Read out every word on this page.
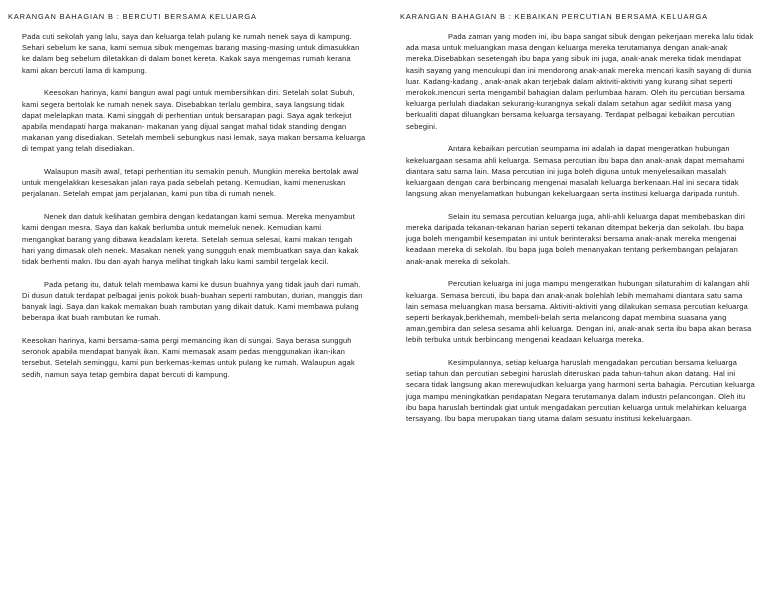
KARANGAN BAHAGIAN B : BERCUTI BERSAMA KELUARGA

Pada cuti sekolah yang lalu, saya dan keluarga telah pulang ke rumah nenek saya di kampung. Sehari sebelum ke sana, kami semua sibuk mengemas barang masing-masing untuk dimasukkan ke dalam beg sebelum diletakkan di dalam bonet kereta. Kakak saya mengemas rumah kerana kami akan bercuti lama di kampung.

Keesokan harinya, kami bangun awal pagi untuk membersihkan diri. Setelah solat Subuh, kami segera bertolak ke rumah nenek saya. Disebabkan terlalu gembira, saya langsung tidak dapat melelapkan mata. Kami singgah di perhentian untuk bersarapan pagi. Saya agak terkejut apabila mendapati harga makanan- makanan yang dijual sangat mahal tidak standing dengan makanan yang disediakan. Setelah membeli sebungkus nasi lemak, saya makan bersama keluarga di tempat yang telah disediakan.

Walaupun masih awal, tetapi perhentian itu semakin penuh. Mungkin mereka bertolak awal untuk mengelakkan kesesakan jalan raya pada sebelah petang. Kemudian, kami meneruskan perjalanan. Setelah empat jam perjalanan, kami pun tiba di rumah nenek.

Nenek dan datuk kelihatan gembira dengan kedatangan kami semua. Mereka menyambut kami dengan mesra. Saya dan kakak berlumba untuk memeluk nenek. Kemudian kami mengangkat barang yang dibawa keadalam kereta. Setelah semua selesai, kami makan tengah hari yang dimasak oleh nenek. Masakan nenek yang sungguh enak membuatkan saya dan kakak tidak berhenti makn. Ibu dan ayah hanya melihat tingkah laku kami sambil tergelak kecil.

Pada petang itu, datuk telah membawa kami ke dusun buahnya yang tidak jauh dari rumah. Di dusun datuk terdapat pelbagai jenis pokok buah-buahan seperti rambutan, durian, manggis dan banyak lagi. Saya dan kakak memakan buah rambutan yang dikait datuk. Kami membawa pulang beberapa ikat buah rambutan ke rumah.

Keesokan harinya, kami bersama-sama pergi memancing ikan di sungai. Saya berasa sungguh seronok apabila mendapat banyak ikan. Kami memasak asam pedas menggunakan ikan-ikan tersebut. Setelah seminggu, kami pun berkemas-kemas untuk pulang ke rumah. Walaupun agak sedih, namun saya tetap gembira dapat bercuti di kampung.

KARANGAN BAHAGIAN B : KEBAIKAN PERCUTIAN BERSAMA KELUARGA

Pada zaman yang moden ini, ibu bapa sangat sibuk dengan pekerjaan mereka lalu tidak ada masa untuk meluangkan masa dengan keluarga mereka terutamanya dengan anak-anak mereka.Disebabkan sesetengah ibu bapa yang sibuk ini juga, anak-anak mereka tidak mendapat kasih sayang yang mencukupi dan ini mendorong anak-anak mereka mencari kasih sayang di dunia luar. Kadang-kadang , anak-anak akan terjebak dalam aktiviti-aktiviti yang kurang sihat seperti merokok.mencuri serta mengambil bahagian dalam perlumbaa haram. Oleh itu percutian bersama keluarga perlulah diadakan sekurang-kurangnya sekali dalam setahun agar sedikit masa yang berkualiti dapat diluangkan bersama keluarga tersayang. Terdapat pelbagai kebaikan percutian sebegini.

Antara kebaikan percutian seumpama ini adalah ia dapat mengeratkan hubungan kekeluargaan sesama ahli keluarga. Semasa percutian ibu bapa dan anak-anak dapat memahami diantara satu sama lain. Masa percutian ini juga boleh diguna untuk menyelesaikan masalah keluargaan dengan cara berbincang mengenai masalah keluarga berkenaan.Hal ini secara tidak langsung akan menyelamatkan hubungan kekeluargaan serta institusi keluarga daripada runtuh.

Selain itu semasa percutian keluarga juga, ahli-ahli keluarga dapat membebaskan diri mereka daripada tekanan-tekanan harian seperti tekanan ditempat bekerja dan sekolah. Ibu bapa juga boleh mengambil kesempatan ini untuk berinteraksi bersama anak-anak mereka mengenai keadaan mereka di sekolah. Ibu bapa juga boleh menanyakan tentang perkembangan pelajaran anak-anak mereka di sekolah.

Percutian keluarga ini juga mampu mengeratkan hubungan silaturahim di kalangan ahli keluarga. Semasa bercuti, ibu bapa dan anak-anak bolehlah lebih memahami diantara satu sama lain semasa meluangkan masa bersama. Aktiviti-aktiviti yang dilakukan semasa percutian keluarga seperti berkayak,berkhemah, membeli-belah serta melancong dapat membina suasana yang aman,gembira dan selesa sesama ahli keluarga. Dengan ini, anak-anak serta ibu bapa akan berasa lebih terbuka untuk berbincang mengenai keadaan keluarga mereka.

Kesimpulannya, setiap keluarga haruslah mengadakan percutian bersama keluarga setiap tahun dan percutian sebegini haruslah diteruskan pada tahun-tahun akan datang. Hal ini secara tidak langsung akan merewujudkan keluarga yang harmoni serta bahagia. Percutian keluarga juga mampu meningkatkan pendapatan Negara terutamanya dalam industri pelancongan. Oleh itu ibu bapa haruslah bertindak giat untuk mengadakan percutian keluarga untuk melahirkan keluarga tersayang. Ibu bapa merupakan tiang utama dalam sesuatu institusi kekeluargaan.
